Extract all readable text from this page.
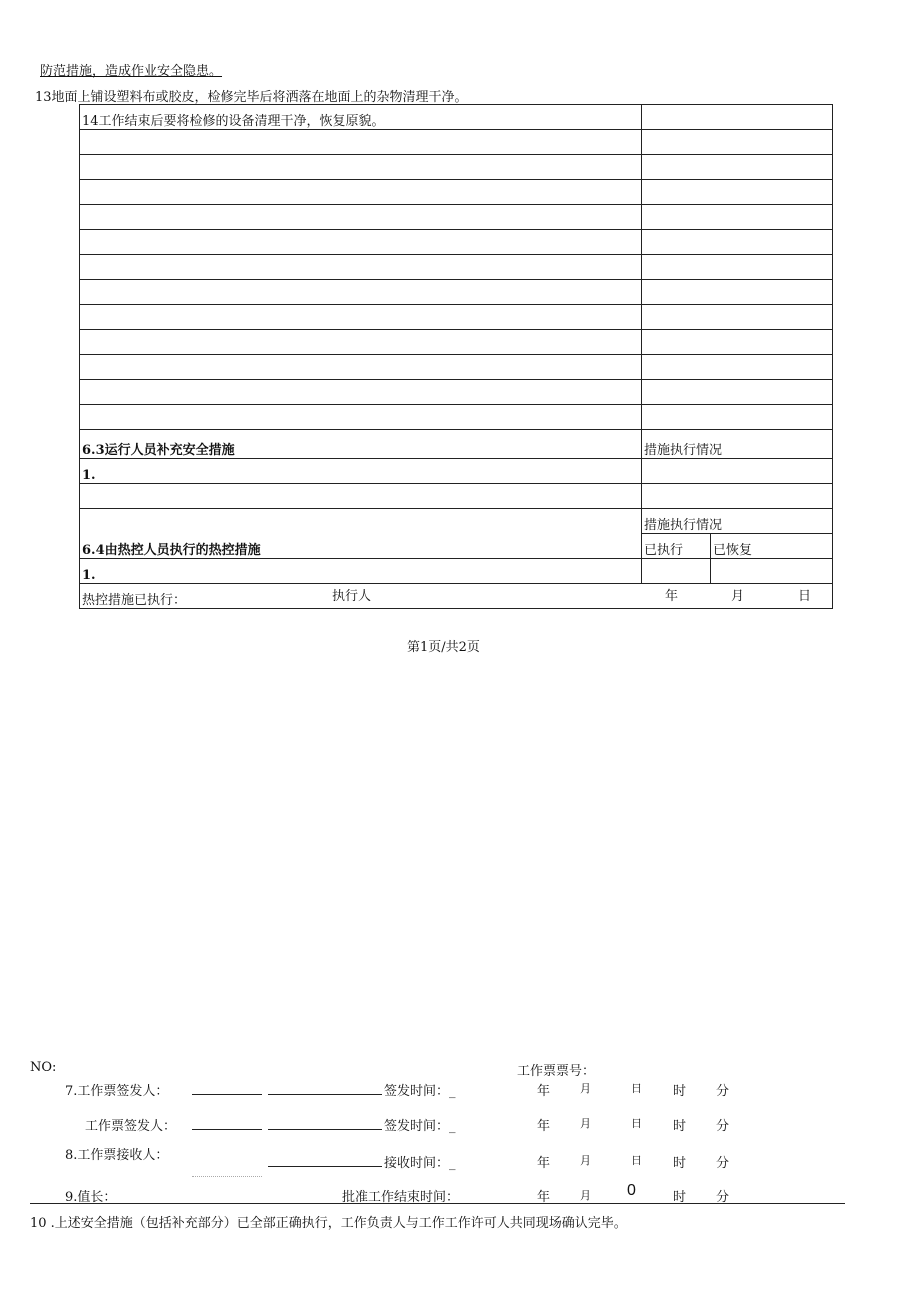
防范措施，造成作业安全隐患。
13地面上铺设塑料布或胶皮，检修完毕后将洒落在地面上的杂物清理干净。
14工作结束后要将检修的设备清理干净，恢复原貌。		

6.3运行人员补充安全措施	措施执行情况	
1.		

6.4由热控人员执行的热控措施	措施执行情况	
	已执行	已恢复
1.		
热控措施已执行： 执行人 年 月 日		
第1页/共2页
NO:	工作票票号：
7.工作票签发人：	签发时间：_	年	月	日 时 分
工作票签发人：	签发时间：_	年	月	日 时 分
8.工作票接收人：
接收时间：_	年	月	日 时 分
9.值长：	批准工作结束时间：	年	月 0	时 分
10 .上述安全措施（包括补充部分）已全部正确执行，工作负责人与工作工作许可人共同现场确认完毕。
